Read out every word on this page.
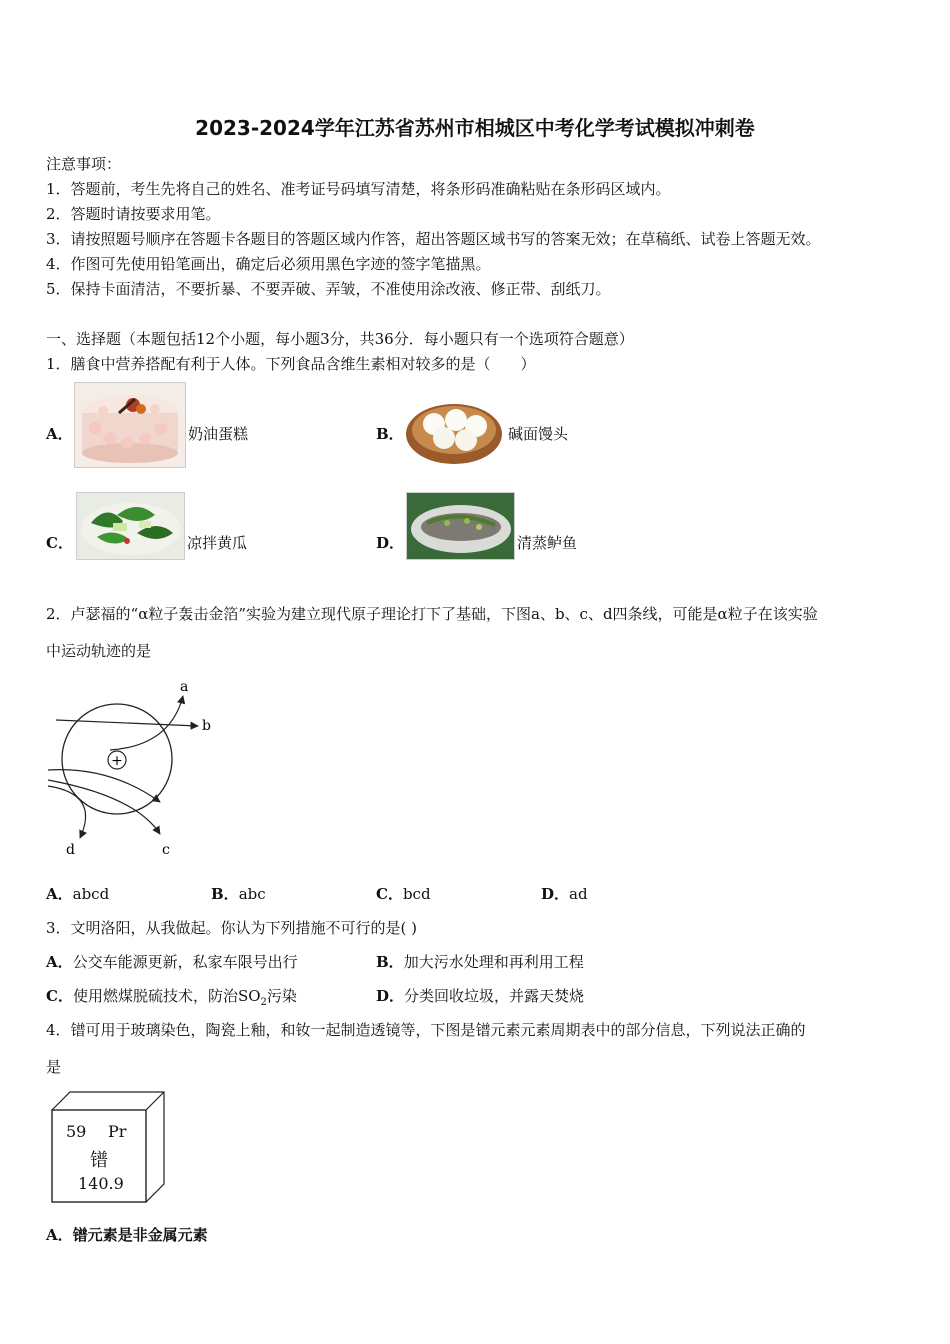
2023-2024学年江苏省苏州市相城区中考化学考试模拟冲刺卷
注意事项：
1．答题前，考生先将自己的姓名、准考证号码填写清楚，将条形码准确粘贴在条形码区域内。
2．答题时请按要求用笔。
3．请按照题号顺序在答题卡各题目的答题区域内作答，超出答题区域书写的答案无效；在草稿纸、试卷上答题无效。
4．作图可先使用铅笔画出，确定后必须用黑色字迹的签字笔描黑。
5．保持卡面清洁，不要折暴、不要弄破、弄皱，不准使用涂改液、修正带、刮纸刀。
一、选择题（本题包括12个小题，每小题3分，共36分．每小题只有一个选项符合题意）
1．膳食中营养搭配有利于人体。下列食品含维生素相对较多的是（　　）
A．	奶油蛋糕	B．	碱面馒头
C．	凉拌黄瓜	D．	清蒸鲈鱼
2．卢瑟福的“α粒子轰击金箔”实验为建立现代原子理论打下了基础，下图a、b、c、d四条线，可能是α粒子在该实验
中运动轨迹的是
+
a
b
c
d
A．abcd	B．abc	C．bcd	D．ad
3．文明洛阳，从我做起。你认为下列措施不可行的是( )
A．公交车能源更新，私家车限号出行	B．加大污水处理和再利用工程
C．使用燃煤脱硫技术，防治$SO_2$污染	D．分类回收垃圾，并露天焚烧
4．镨可用于玻璃染色，陶瓷上釉，和钕一起制造透镜等，下图是镨元素元素周期表中的部分信息，下列说法正确的
是
59 Pr
镨
140.9
A．镨元素是非金属元素
